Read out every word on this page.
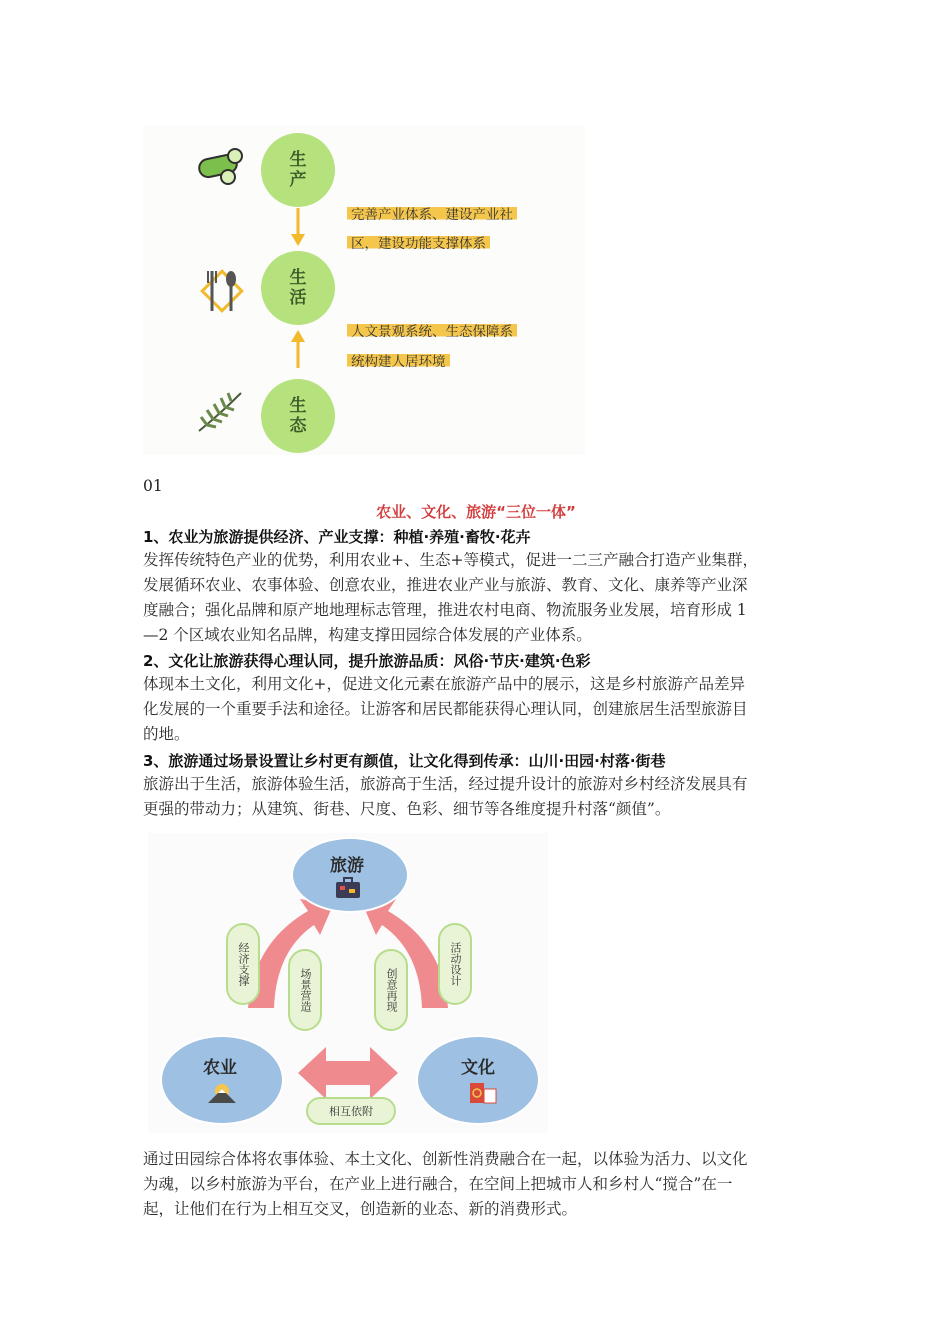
生
产
生
活
生
态
完善产业体系、建设产业社
区，建设功能支撑体系
人文景观系统、生态保障系
统构建人居环境
01
农业、文化、旅游“三位一体”
1、农业为旅游提供经济、产业支撑：种植·养殖·畜牧·花卉
发挥传统特色产业的优势，利用农业+、生态+等模式，促进一二三产融合打造产业集群，
发展循环农业、农事体验、创意农业，推进农业产业与旅游、教育、文化、康养等产业深
度融合；强化品牌和原产地地理标志管理，推进农村电商、物流服务业发展，培育形成 1
—2 个区域农业知名品牌，构建支撑田园综合体发展的产业体系。
2、文化让旅游获得心理认同，提升旅游品质：风俗·节庆·建筑·色彩
体现本土文化，利用文化+，促进文化元素在旅游产品中的展示，这是乡村旅游产品差异
化发展的一个重要手法和途径。让游客和居民都能获得心理认同，创建旅居生活型旅游目
的地。
3、旅游通过场景设置让乡村更有颜值，让文化得到传承：山川·田园·村落·街巷
旅游出于生活，旅游体验生活，旅游高于生活，经过提升设计的旅游对乡村经济发展具有
更强的带动力；从建筑、街巷、尺度、色彩、细节等各维度提升村落“颜值”。
旅游
农业	文化
经济支撑
场景营造	创意再现
活动设计
相互依附
通过田园综合体将农事体验、本土文化、创新性消费融合在一起，以体验为活力、以文化
为魂，以乡村旅游为平台，在产业上进行融合，在空间上把城市人和乡村人“搅合”在一
起，让他们在行为上相互交叉，创造新的业态、新的消费形式。
